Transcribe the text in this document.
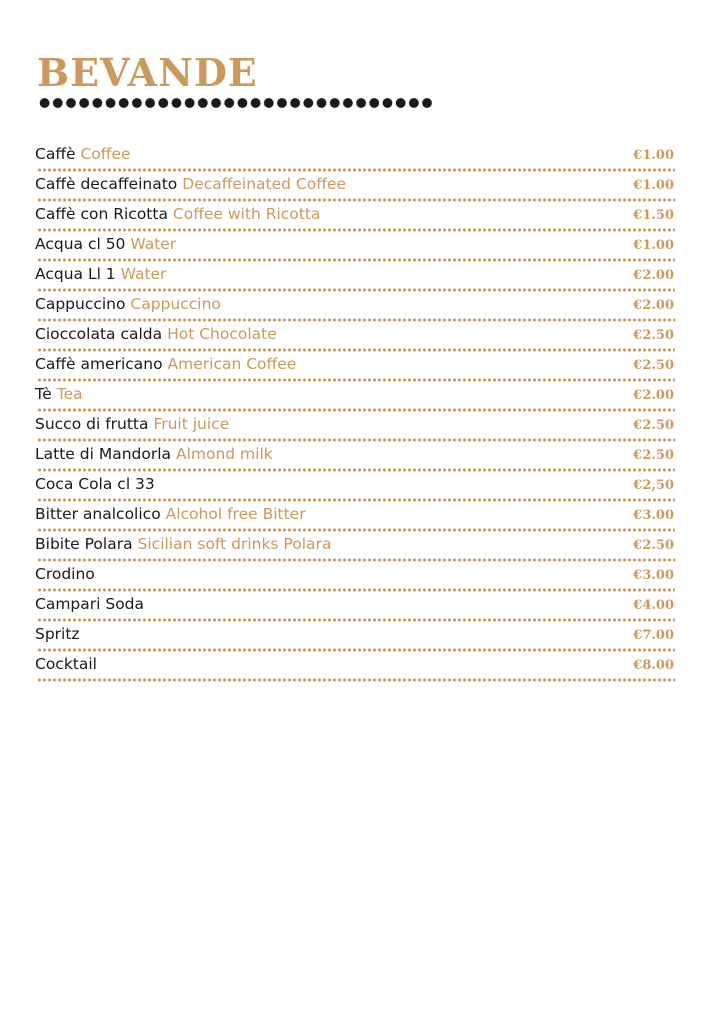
BEVANDE
Caffè Coffee	€1.00
Caffè decaffeinato Decaffeinated Coffee	€1.00
Caffè con Ricotta Coffee with Ricotta	€1.50
Acqua cl 50 Water	€1.00
Acqua Ll 1 Water	€2.00
Cappuccino Cappuccino	€2.00
Cioccolata calda Hot Chocolate	€2.50
Caffè americano American Coffee	€2.50
Tè Tea	€2.00
Succo di frutta Fruit juice	€2.50
Latte di Mandorla Almond milk	€2.50
Coca Cola cl 33	€2,50
Bitter analcolico Alcohol free Bitter	€3.00
Bibite Polara Sicilian soft drinks Polara	€2.50
Crodino	€3.00
Campari Soda	€4.00
Spritz	€7.00
Cocktail	€8.00
